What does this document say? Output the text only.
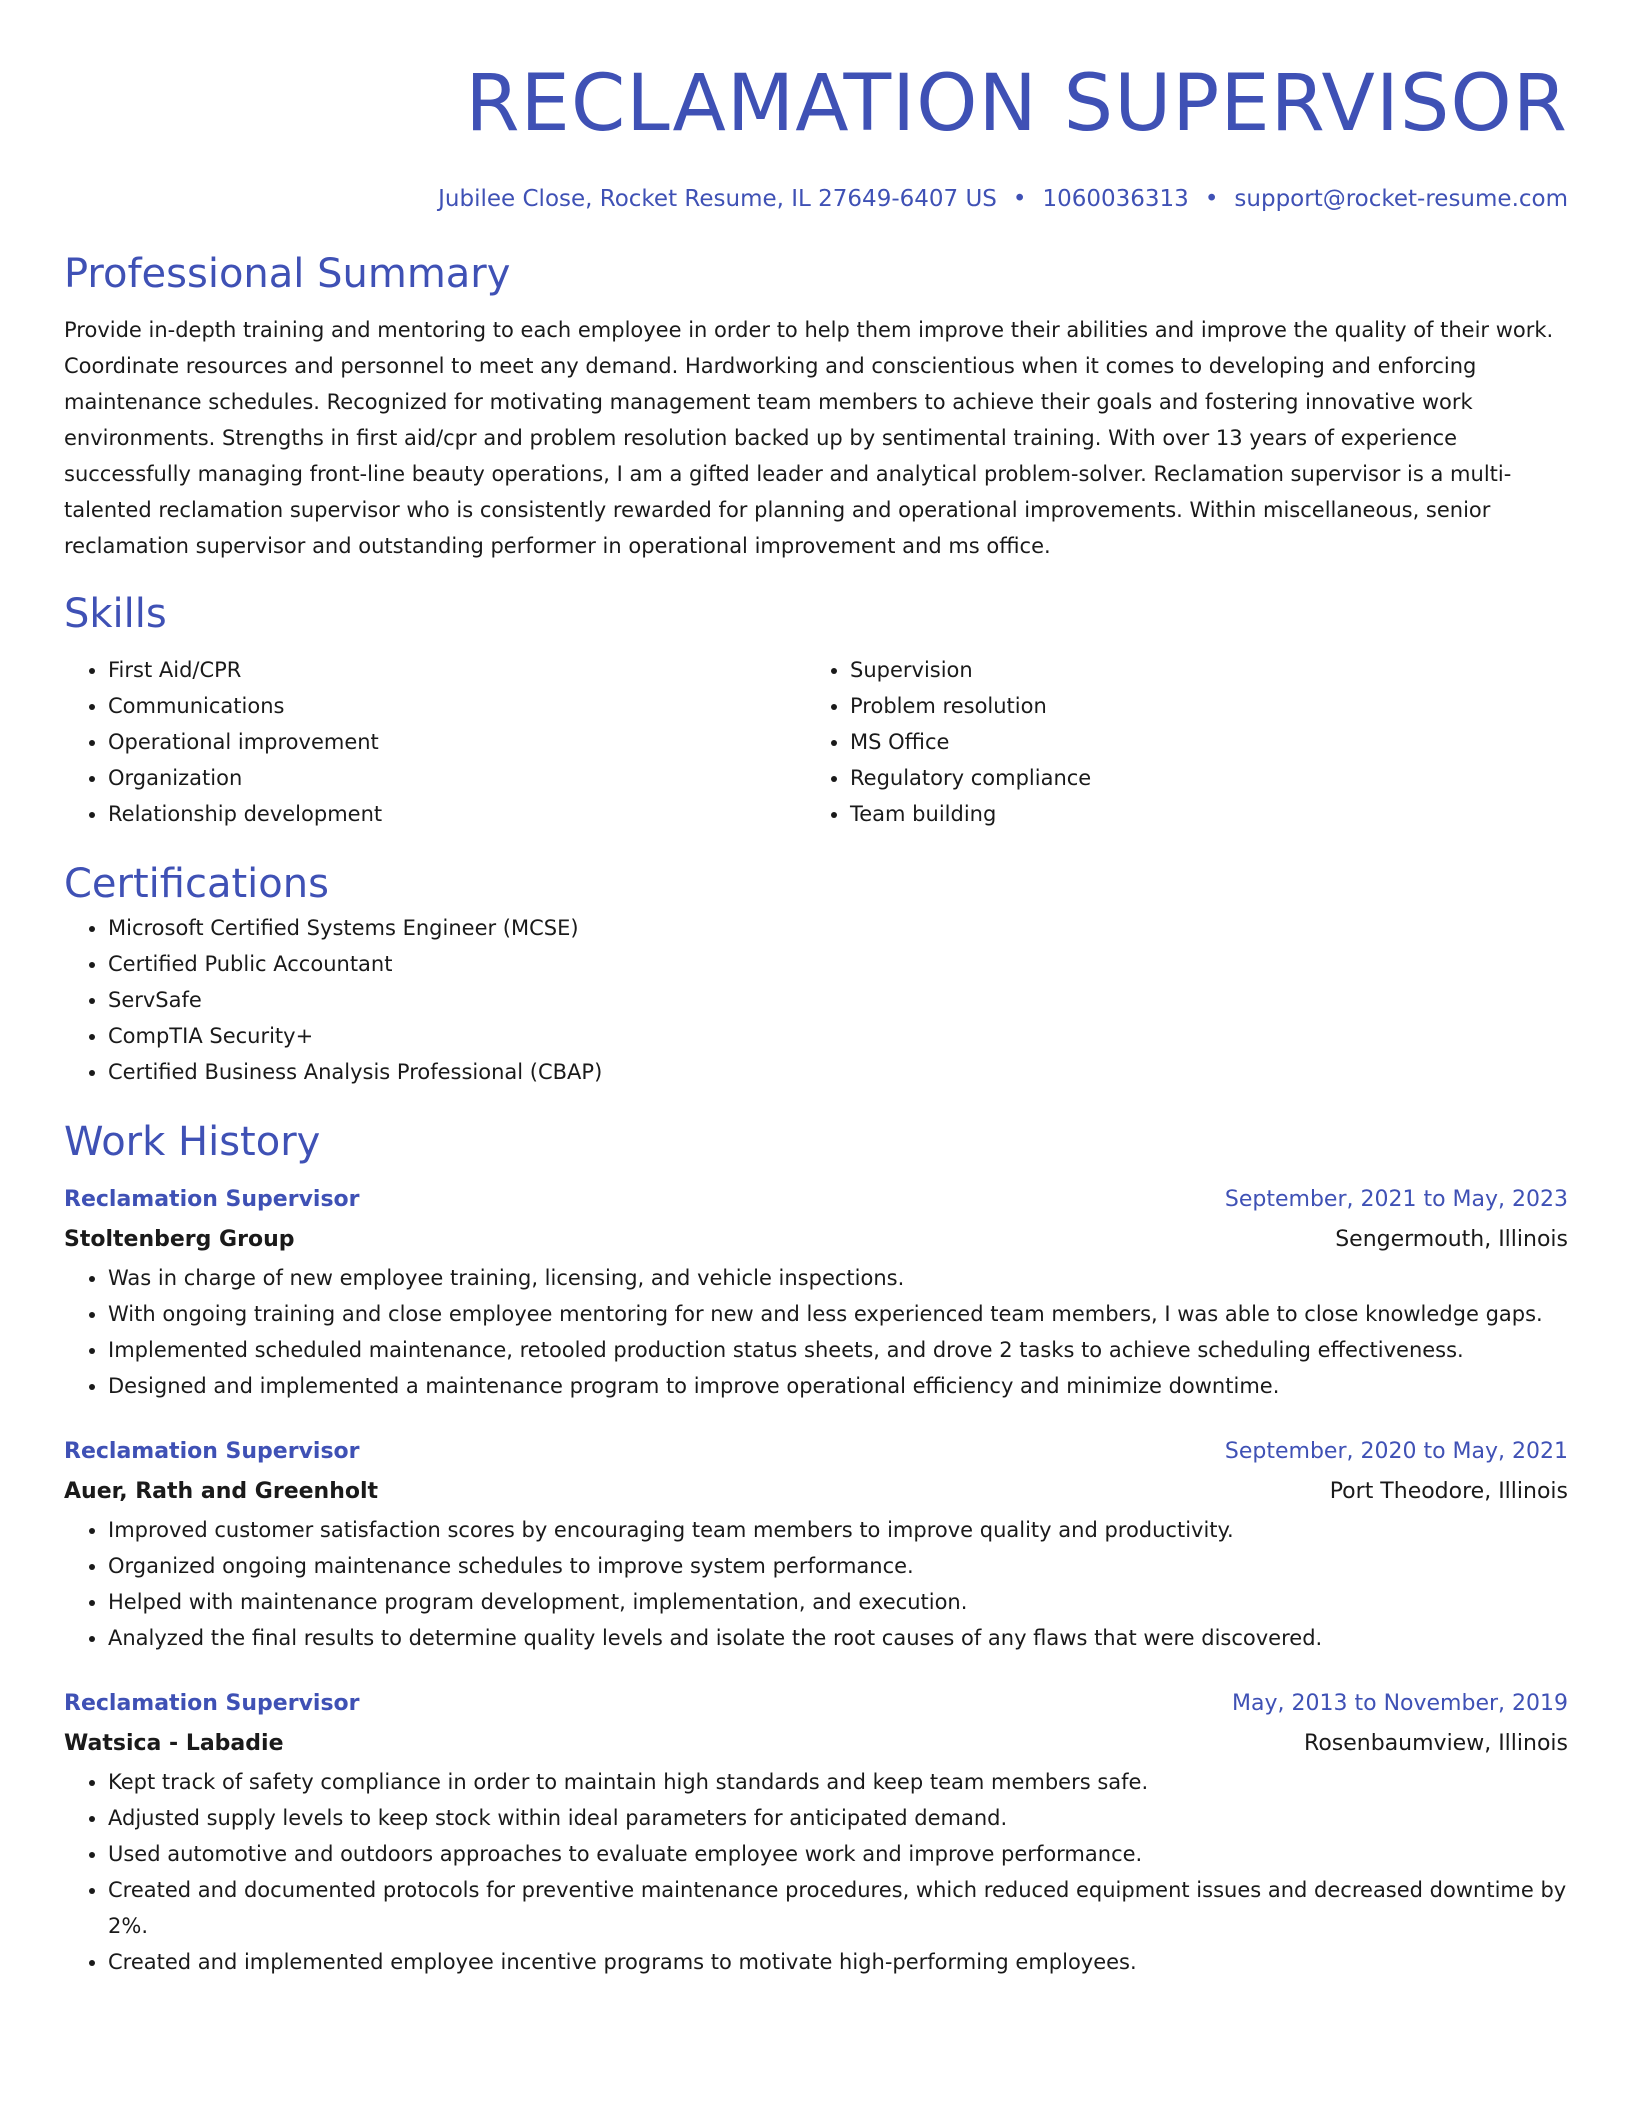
RECLAMATION SUPERVISOR
Jubilee Close, Rocket Resume, IL 27649-6407 US • 1060036313 • support@rocket-resume.com
Professional Summary
Provide in-depth training and mentoring to each employee in order to help them improve their abilities and improve the quality of their work. Coordinate resources and personnel to meet any demand. Hardworking and conscientious when it comes to developing and enforcing maintenance schedules. Recognized for motivating management team members to achieve their goals and fostering innovative work environments. Strengths in first aid/cpr and problem resolution backed up by sentimental training. With over 13 years of experience successfully managing front-line beauty operations, I am a gifted leader and analytical problem-solver. Reclamation supervisor is a multi-talented reclamation supervisor who is consistently rewarded for planning and operational improvements. Within miscellaneous, senior reclamation supervisor and outstanding performer in operational improvement and ms office.
Skills
• First Aid/CPR
• Communications
• Operational improvement
• Organization
• Relationship development
• Supervision
• Problem resolution
• MS Office
• Regulatory compliance
• Team building
Certifications
• Microsoft Certified Systems Engineer (MCSE)
• Certified Public Accountant
• ServSafe
• CompTIA Security+
• Certified Business Analysis Professional (CBAP)
Work History
Reclamation Supervisor	September, 2021 to May, 2023
Stoltenberg Group	Sengermouth, Illinois
• Was in charge of new employee training, licensing, and vehicle inspections.
• With ongoing training and close employee mentoring for new and less experienced team members, I was able to close knowledge gaps.
• Implemented scheduled maintenance, retooled production status sheets, and drove 2 tasks to achieve scheduling effectiveness.
• Designed and implemented a maintenance program to improve operational efficiency and minimize downtime.
Reclamation Supervisor	September, 2020 to May, 2021
Auer, Rath and Greenholt	Port Theodore, Illinois
• Improved customer satisfaction scores by encouraging team members to improve quality and productivity.
• Organized ongoing maintenance schedules to improve system performance.
• Helped with maintenance program development, implementation, and execution.
• Analyzed the final results to determine quality levels and isolate the root causes of any flaws that were discovered.
Reclamation Supervisor	May, 2013 to November, 2019
Watsica - Labadie	Rosenbaumview, Illinois
• Kept track of safety compliance in order to maintain high standards and keep team members safe.
• Adjusted supply levels to keep stock within ideal parameters for anticipated demand.
• Used automotive and outdoors approaches to evaluate employee work and improve performance.
• Created and documented protocols for preventive maintenance procedures, which reduced equipment issues and decreased downtime by 2%.
• Created and implemented employee incentive programs to motivate high-performing employees.
